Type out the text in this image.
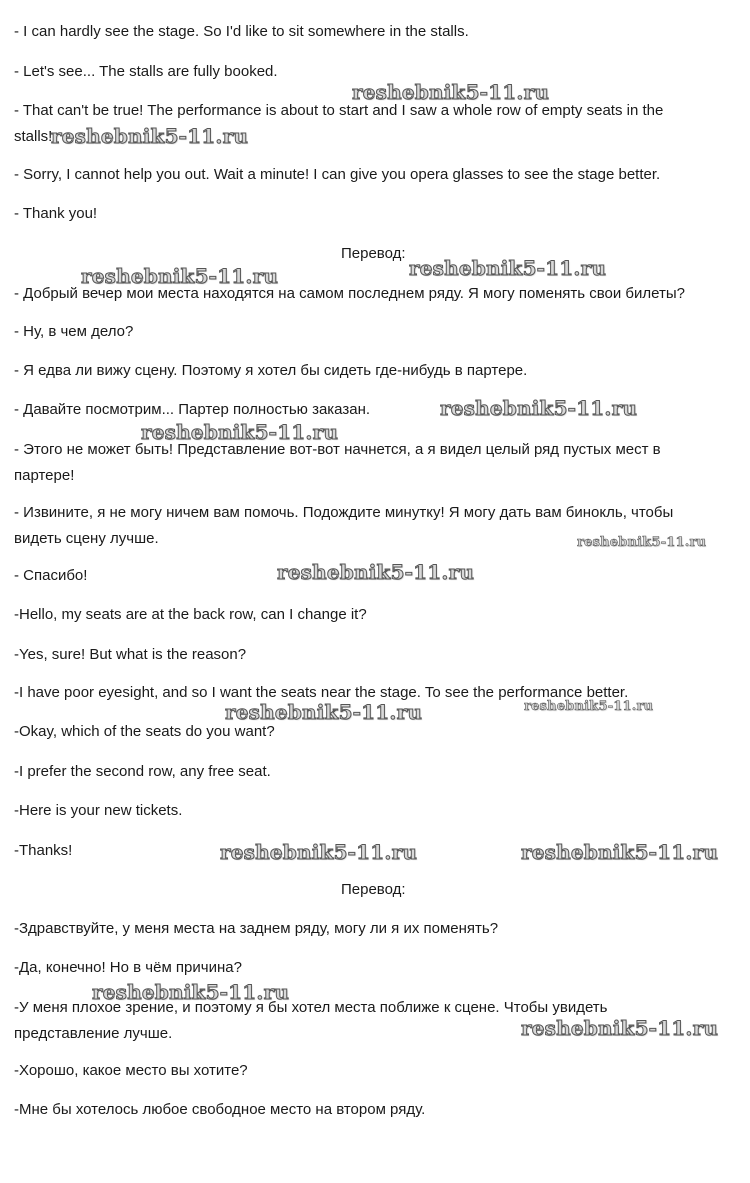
- I can hardly see the stage. So I'd like to sit somewhere in the stalls.

- Let's see... The stalls are fully booked.

- That can't be true! The performance is about to start and I saw a whole row of empty seats in the
stalls!

- Sorry, I cannot help you out. Wait a minute! I can give you opera glasses to see the stage better.

- Thank you!

Перевод:

- Добрый вечер мои места находятся на самом последнем ряду. Я могу поменять свои билеты?

- Ну, в чем дело?

- Я едва ли вижу сцену. Поэтому я хотел бы сидеть где-нибудь в партере.

- Давайте посмотрим... Партер полностью заказан.

- Этого не может быть! Представление вот-вот начнется, а я видел целый ряд пустых мест в
партере!

- Извините, я не могу ничем вам помочь. Подождите минутку! Я могу дать вам бинокль, чтобы
видеть сцену лучше.

- Спасибо!

-Hello, my seats are at the back row, can I change it?

-Yes, sure! But what is the reason?

-I have poor eyesight, and so I want the seats near the stage. To see the performance better.

-Okay, which of the seats do you want?

-I prefer the second row, any free seat.

-Here is your new tickets.

-Thanks!

Перевод:

-Здравствуйте, у меня места на заднем ряду, могу ли я их поменять?

-Да, конечно! Но в чём причина?

-У меня плохое зрение, и поэтому я бы хотел места поближе к сцене. Чтобы увидеть
представление лучше.

-Хорошо, какое место вы хотите?

-Мне бы хотелось любое свободное место на втором ряду.

reshebnik5-11.ru
reshebnik5-11.ru
reshebnik5-11.ru
reshebnik5-11.ru
reshebnik5-11.ru
reshebnik5-11.ru
reshebnik5-11.ru
reshebnik5-11.ru
reshebnik5-11.ru
reshebnik5-11.ru
reshebnik5-11.ru	reshebnik5-11.ru
reshebnik5-11.ru
reshebnik5-11.ru
